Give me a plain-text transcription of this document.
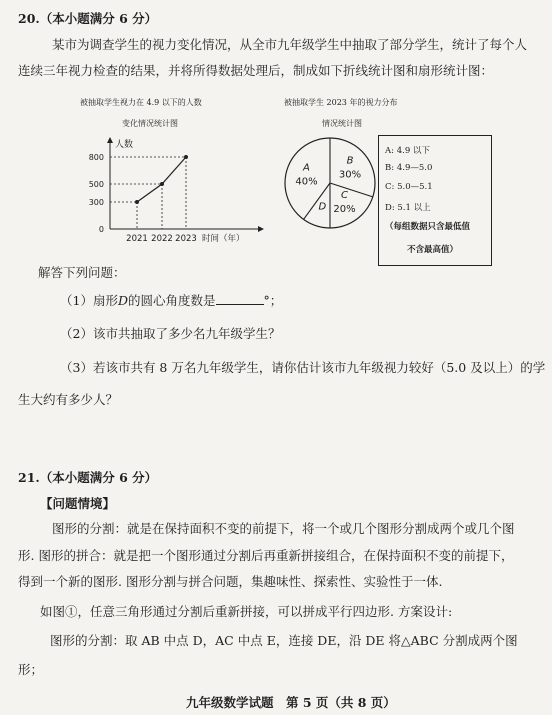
20.（本小题满分 6 分）
某市为调查学生的视力变化情况，从全市九年级学生中抽取了部分学生，统计了每个人
连续三年视力检查的结果，并将所得数据处理后，制成如下折线统计图和扇形统计图：
被抽取学生视力在 4.9 以下的人数
变化情况统计图
被抽取学生 2023 年的视力分布
情况统计图
人数
0
300
500
800
2021 2022 2023 时间（年）
B
30%
C
20%
D
A
40%
A: 4.9 以下
B: 4.9—5.0
C: 5.0—5.1
D: 5.1 以上
（每组数据只含最低值
不含最高值）
解答下列问题：
（1）扇形D的圆心角度数是	°；
（2）该市共抽取了多少名九年级学生？
（3）若该市共有 8 万名九年级学生，请你估计该市九年级视力较好（5.0 及以上）的学
生大约有多少人？
21.（本小题满分 6 分）
【问题情境】
图形的分割：就是在保持面积不变的前提下，将一个或几个图形分割成两个或几个图
形. 图形的拼合：就是把一个图形通过分割后再重新拼接组合，在保持面积不变的前提下，
得到一个新的图形. 图形分割与拼合问题，集趣味性、探索性、实验性于一体.
如图①，任意三角形通过分割后重新拼接，可以拼成平行四边形. 方案设计:
图形的分割：取 AB 中点 D，AC 中点 E，连接 DE，沿 DE 将△ABC 分割成两个图
形；
九年级数学试题　第 5 页（共 8 页）
